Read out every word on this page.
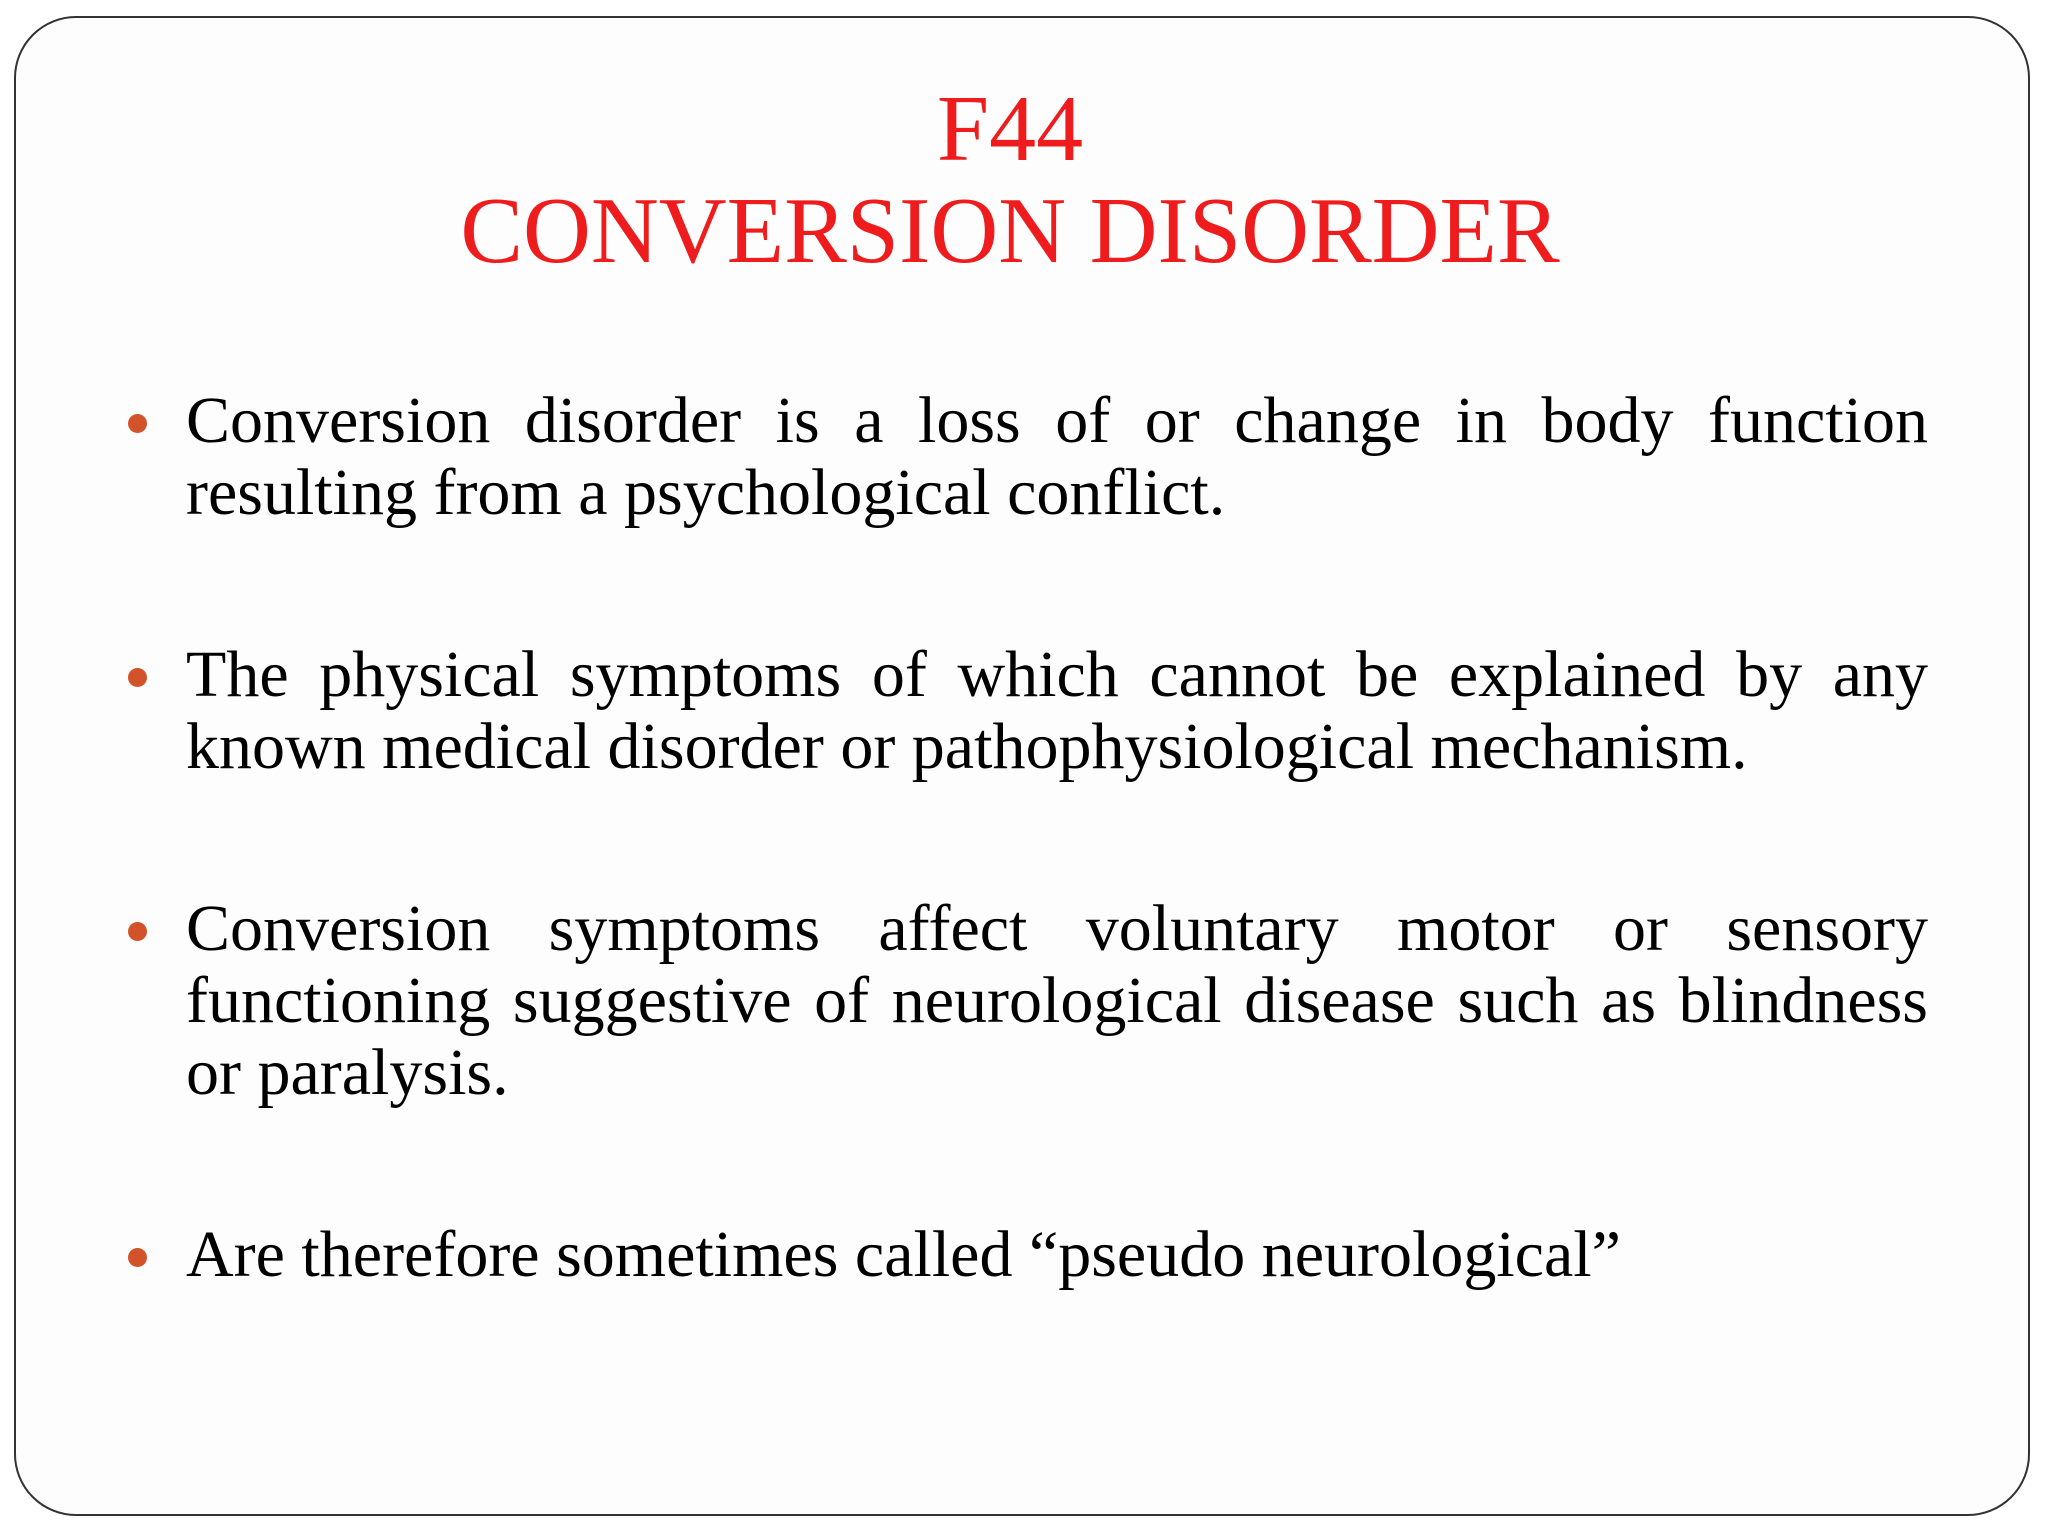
F44
CONVERSION DISORDER
Conversion disorder is a loss of or change in body function resulting from a psychological conflict.
The physical symptoms of which cannot be explained by any known medical disorder or pathophysiological mechanism.
Conversion symptoms affect voluntary motor or sensory functioning suggestive of neurological disease such as blindness or paralysis.
Are therefore sometimes called “pseudo neurological”
